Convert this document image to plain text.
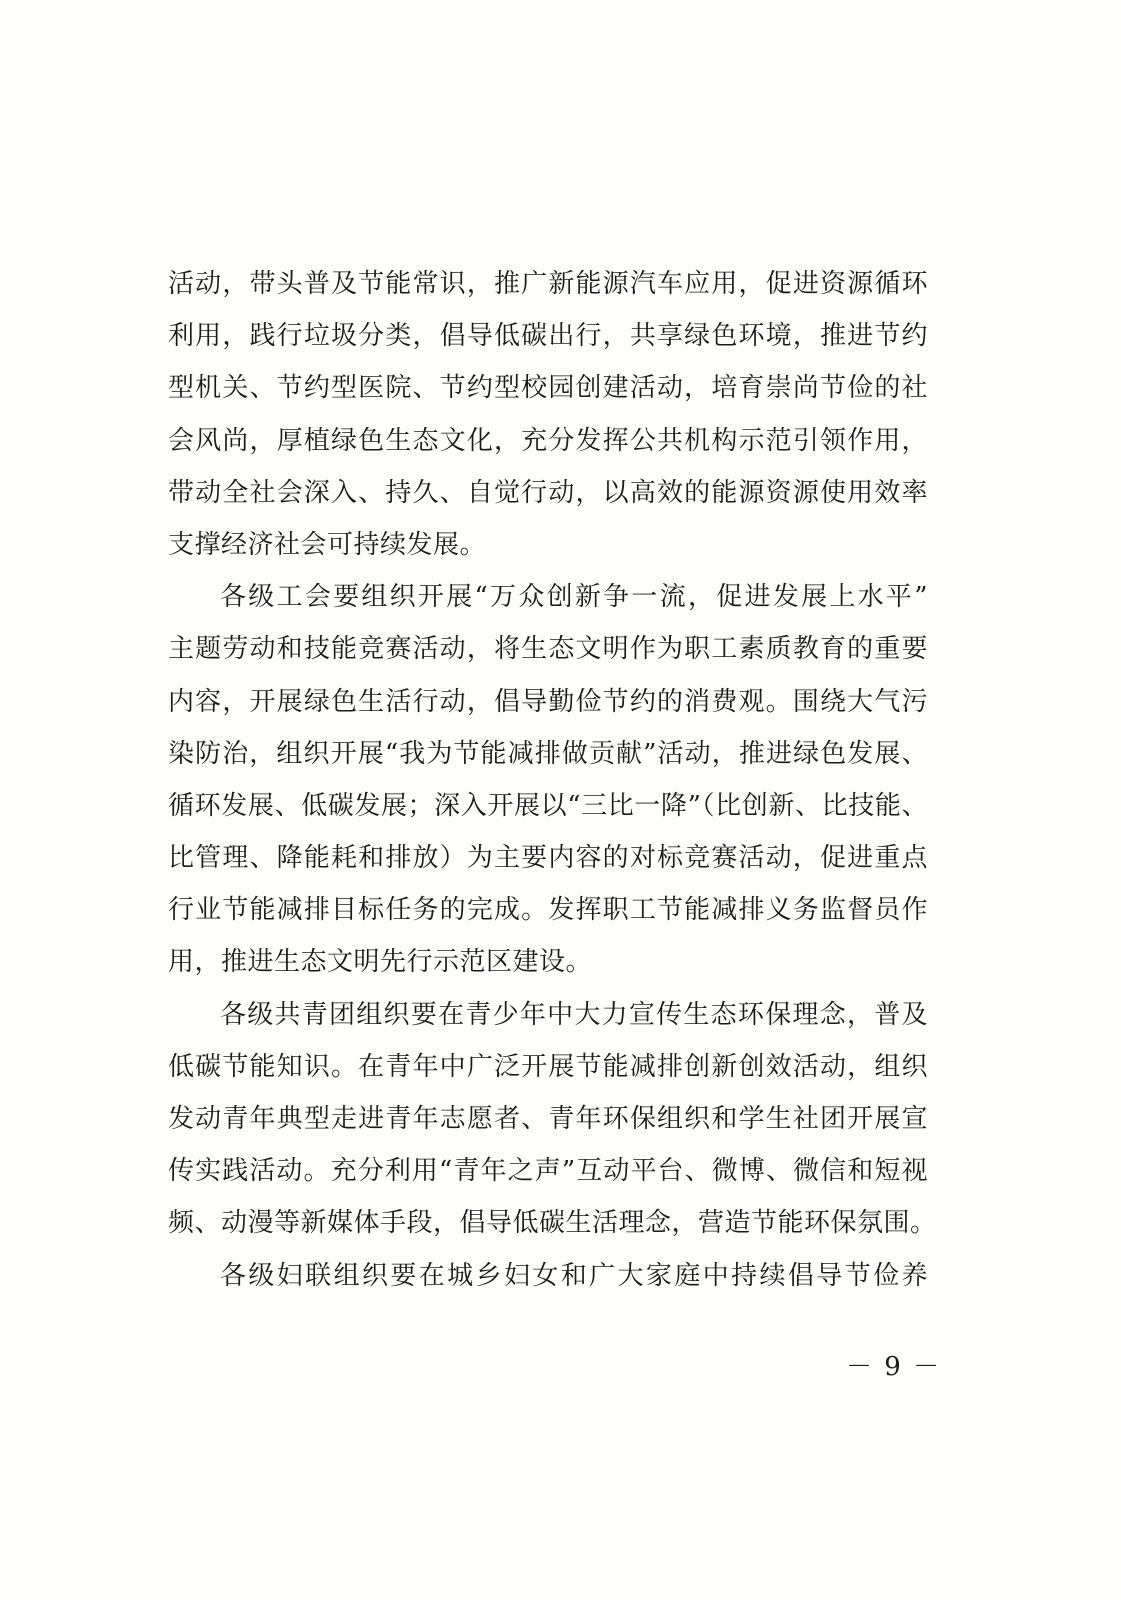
活动，带头普及节能常识，推广新能源汽车应用，促进资源循环
利用，践行垃圾分类，倡导低碳出行，共享绿色环境，推进节约
型机关、节约型医院、节约型校园创建活动，培育崇尚节俭的社
会风尚，厚植绿色生态文化，充分发挥公共机构示范引领作用，
带动全社会深入、持久、自觉行动，以高效的能源资源使用效率
支撑经济社会可持续发展。
各级工会要组织开展“万众创新争一流，促进发展上水平”
主题劳动和技能竞赛活动，将生态文明作为职工素质教育的重要
内容，开展绿色生活行动，倡导勤俭节约的消费观。围绕大气污
染防治，组织开展“我为节能减排做贡献”活动，推进绿色发展、
循环发展、低碳发展；深入开展以“三比一降”（比创新、比技能、
比管理、降能耗和排放）为主要内容的对标竞赛活动，促进重点
行业节能减排目标任务的完成。发挥职工节能减排义务监督员作
用，推进生态文明先行示范区建设。
各级共青团组织要在青少年中大力宣传生态环保理念，普及
低碳节能知识。在青年中广泛开展节能减排创新创效活动，组织
发动青年典型走进青年志愿者、青年环保组织和学生社团开展宣
传实践活动。充分利用“青年之声”互动平台、微博、微信和短视
频、动漫等新媒体手段，倡导低碳生活理念，营造节能环保氛围。
各级妇联组织要在城乡妇女和广大家庭中持续倡导节俭养
－ 9 －
